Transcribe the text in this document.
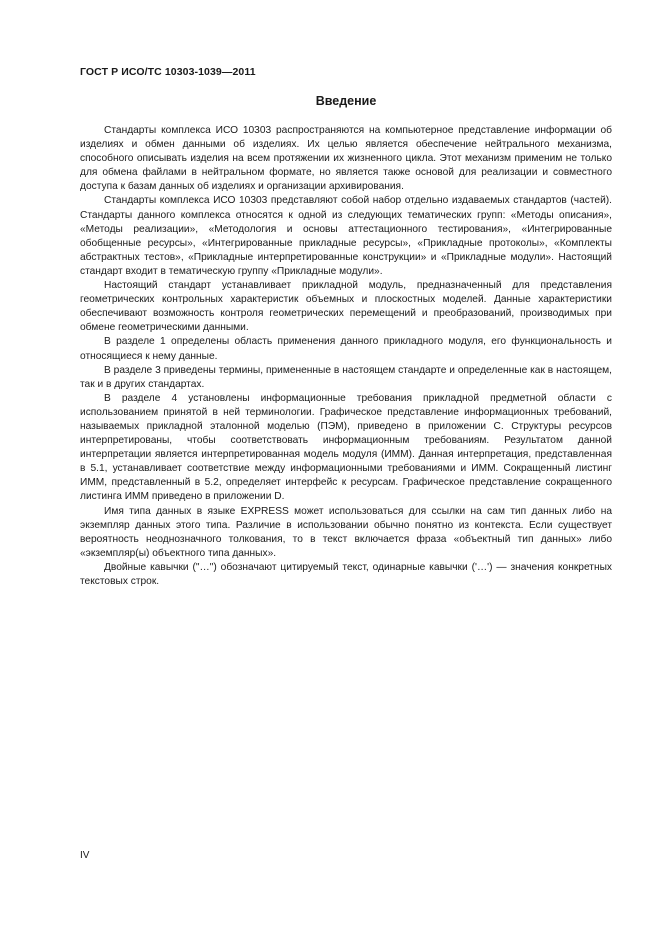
ГОСТ Р ИСО/ТС 10303-1039—2011
Введение

Стандарты комплекса ИСО 10303 распространяются на компьютерное представление информации об изделиях и обмен данными об изделиях. Их целью является обеспечение нейтрального механизма, способного описывать изделия на всем протяжении их жизненного цикла. Этот механизм применим не только для обмена файлами в нейтральном формате, но является также основой для реализации и совместного доступа к базам данных об изделиях и организации архивирования.

Стандарты комплекса ИСО 10303 представляют собой набор отдельно издаваемых стандартов (частей). Стандарты данного комплекса относятся к одной из следующих тематических групп: «Методы описания», «Методы реализации», «Методология и основы аттестационного тестирования», «Интегрированные обобщенные ресурсы», «Интегрированные прикладные ресурсы», «Прикладные протоколы», «Комплекты абстрактных тестов», «Прикладные интерпретированные конструкции» и «Прикладные модули». Настоящий стандарт входит в тематическую группу «Прикладные модули».

Настоящий стандарт устанавливает прикладной модуль, предназначенный для представления геометрических контрольных характеристик объемных и плоскостных моделей. Данные характеристики обеспечивают возможность контроля геометрических перемещений и преобразований, производимых при обмене геометрическими данными.

В разделе 1 определены область применения данного прикладного модуля, его функциональность и относящиеся к нему данные.

В разделе 3 приведены термины, примененные в настоящем стандарте и определенные как в настоящем, так и в других стандартах.

В разделе 4 установлены информационные требования прикладной предметной области с использованием принятой в ней терминологии. Графическое представление информационных требований, называемых прикладной эталонной моделью (ПЭМ), приведено в приложении С. Структуры ресурсов интерпретированы, чтобы соответствовать информационным требованиям. Результатом данной интерпретации является интерпретированная модель модуля (ИММ). Данная интерпретация, представленная в 5.1, устанавливает соответствие между информационными требованиями и ИММ. Сокращенный листинг ИММ, представленный в 5.2, определяет интерфейс к ресурсам. Графическое представление сокращенного листинга ИММ приведено в приложении D.

Имя типа данных в языке EXPRESS может использоваться для ссылки на сам тип данных либо на экземпляр данных этого типа. Различие в использовании обычно понятно из контекста. Если существует вероятность неоднозначного толкования, то в текст включается фраза «объектный тип данных» либо «экземпляр(ы) объектного типа данных».

Двойные кавычки ("…") обозначают цитируемый текст, одинарные кавычки ('…') — значения конкретных текстовых строк.

IV
